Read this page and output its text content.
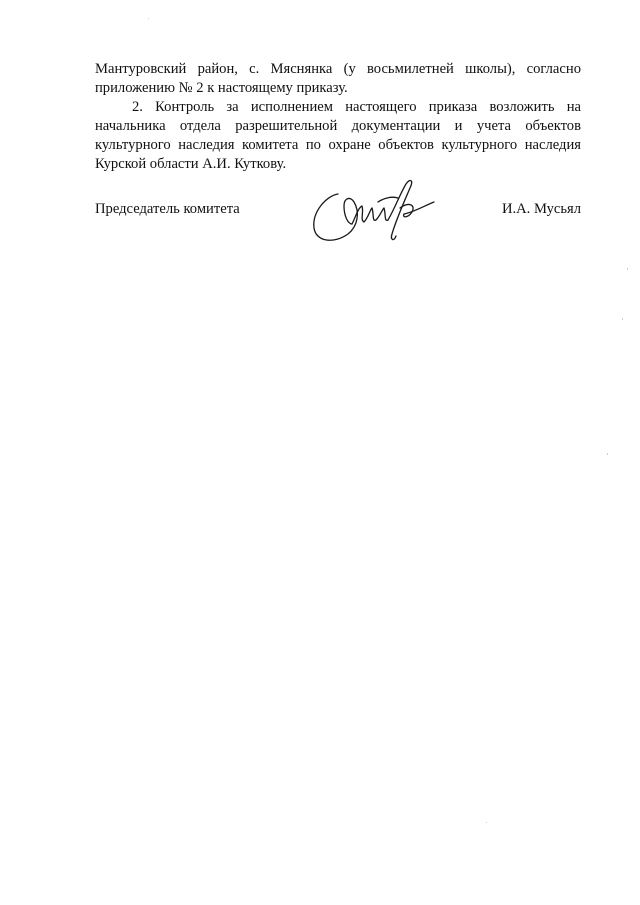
Мантуровский район, с. Мяснянка (у восьмилетней школы), согласно приложению № 2 к настоящему приказу.

2. Контроль за исполнением настоящего приказа возложить на начальника отдела разрешительной документации и учета объектов культурного наследия комитета по охране объектов культурного наследия Курской области А.И. Куткову.

Председатель комитета	И.А. Мусьял
